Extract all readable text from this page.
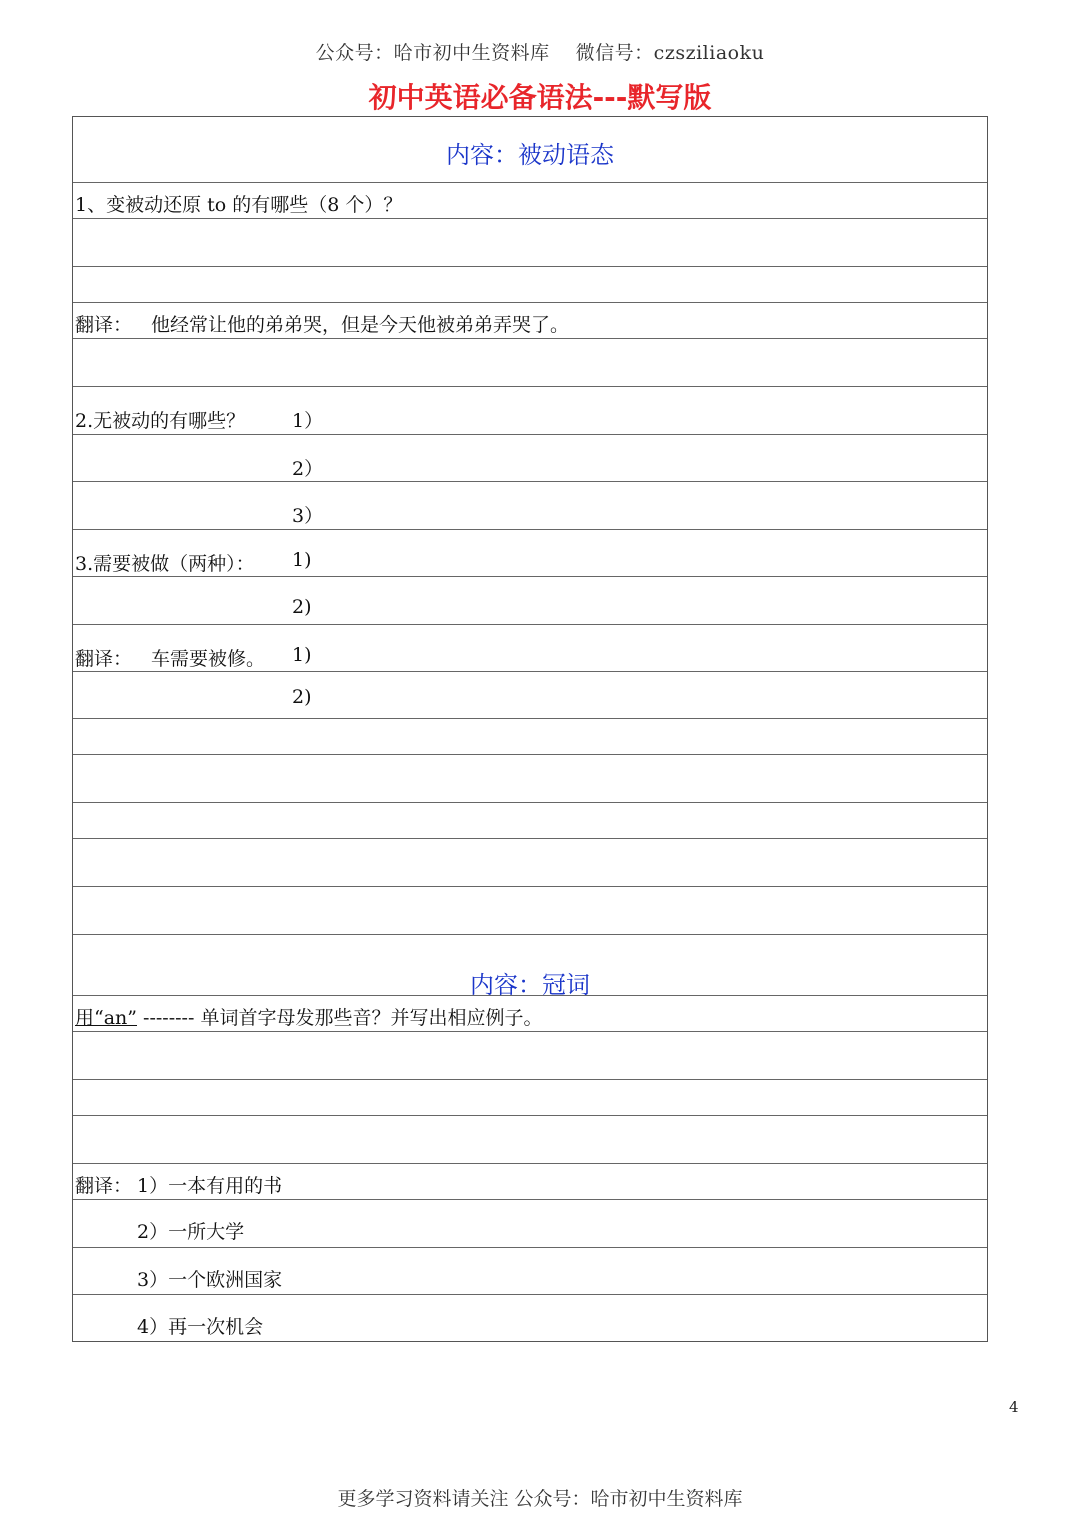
公众号：哈市初中生资料库　 微信号：czsziliaoku
初中英语必备语法---默写版
内容：被动语态
1、变被动还原 to 的有哪些（8 个）？
翻译： 他经常让他的弟弟哭，但是今天他被弟弟弄哭了。
2.无被动的有哪些？ 1）
2）
3）
3.需要被做（两种）： 1)
2)
翻译： 车需要被修。 1)
2)
内容：冠词
用“an” -------- 单词首字母发那些音？并写出相应例子。
翻译： 1）一本有用的书
2）一所大学
3）一个欧洲国家
4）再一次机会
4
更多学习资料请关注 公众号：哈市初中生资料库
